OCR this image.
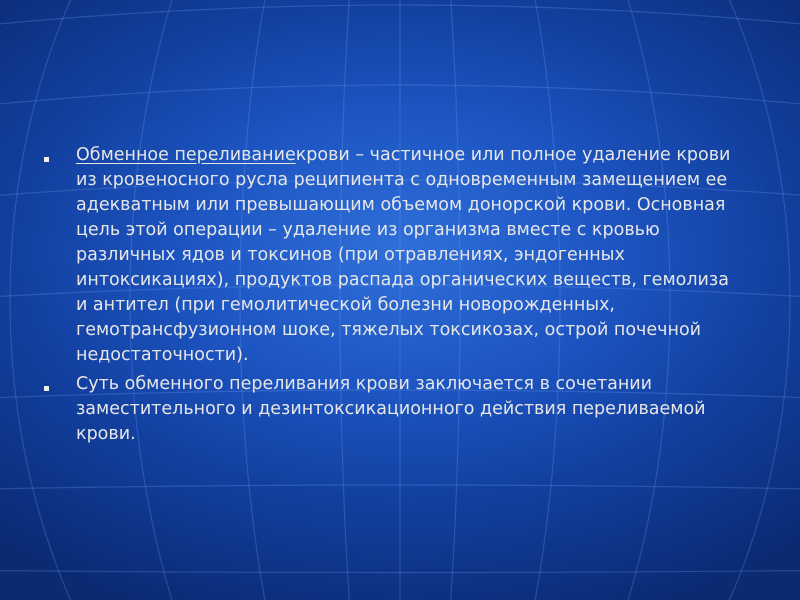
Обменное переливаниекрови – частичное или полное удаление крови из кровеносного русла реципиента с одновременным замещением ее адекватным или превышающим объемом донорской крови. Основная цель этой операции – удаление из организма вместе с кровью различных ядов и токсинов (при отравлениях, эндогенных интоксикациях), продуктов распада органических веществ, гемолиза и антител (при гемолитической болезни новорожденных, гемотрансфузионном шоке, тяжелых токсикозах, острой почечной недостаточности).
Суть обменного переливания крови заключается в сочетании заместительного и дезинтоксикационного действия переливаемой крови.
